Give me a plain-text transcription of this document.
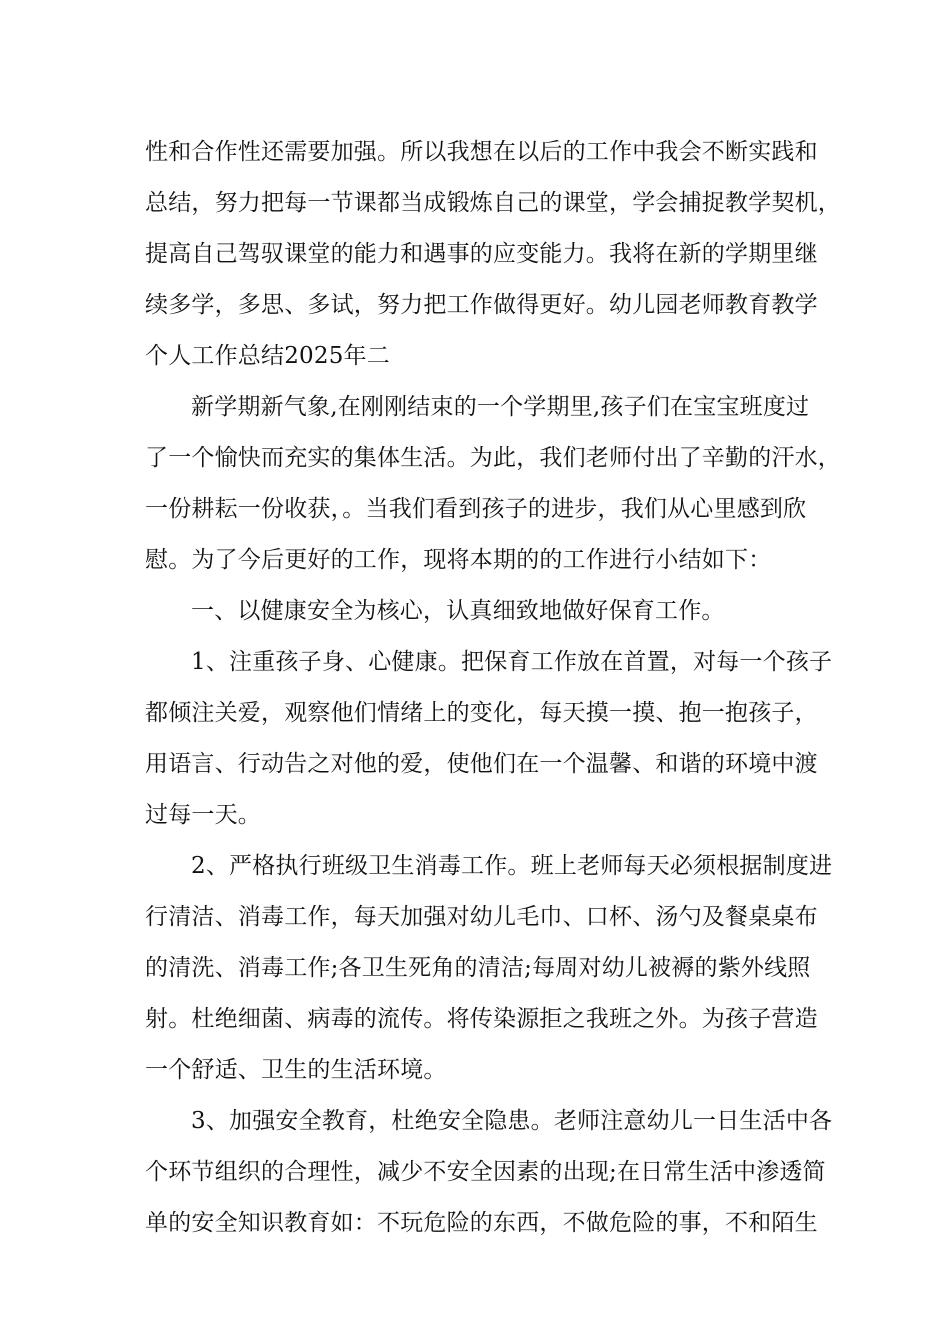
性和合作性还需要加强。所以我想在以后的工作中我会不断实践和
总结，努力把每一节课都当成锻炼自己的课堂，学会捕捉教学契机，
提高自己驾驭课堂的能力和遇事的应变能力。我将在新的学期里继
续多学，多思、多试，努力把工作做得更好。幼儿园老师教育教学
个人工作总结2025年二
新学期新气象,在刚刚结束的一个学期里,孩子们在宝宝班度过
了一个愉快而充实的集体生活。为此，我们老师付出了辛勤的汗水，
一份耕耘一份收获，。当我们看到孩子的进步，我们从心里感到欣
慰。为了今后更好的工作，现将本期的的工作进行小结如下：
一、以健康安全为核心，认真细致地做好保育工作。
1、注重孩子身、心健康。把保育工作放在首置，对每一个孩子
都倾注关爱，观察他们情绪上的变化，每天摸一摸、抱一抱孩子，
用语言、行动告之对他的爱，使他们在一个温馨、和谐的环境中渡
过每一天。
2、严格执行班级卫生消毒工作。班上老师每天必须根据制度进
行清洁、消毒工作，每天加强对幼儿毛巾、口杯、汤勺及餐桌桌布
的清洗、消毒工作;各卫生死角的清洁;每周对幼儿被褥的紫外线照
射。杜绝细菌、病毒的流传。将传染源拒之我班之外。为孩子营造
一个舒适、卫生的生活环境。
3、加强安全教育，杜绝安全隐患。老师注意幼儿一日生活中各
个环节组织的合理性，减少不安全因素的出现;在日常生活中渗透简
单的安全知识教育如：不玩危险的东西，不做危险的事，不和陌生
